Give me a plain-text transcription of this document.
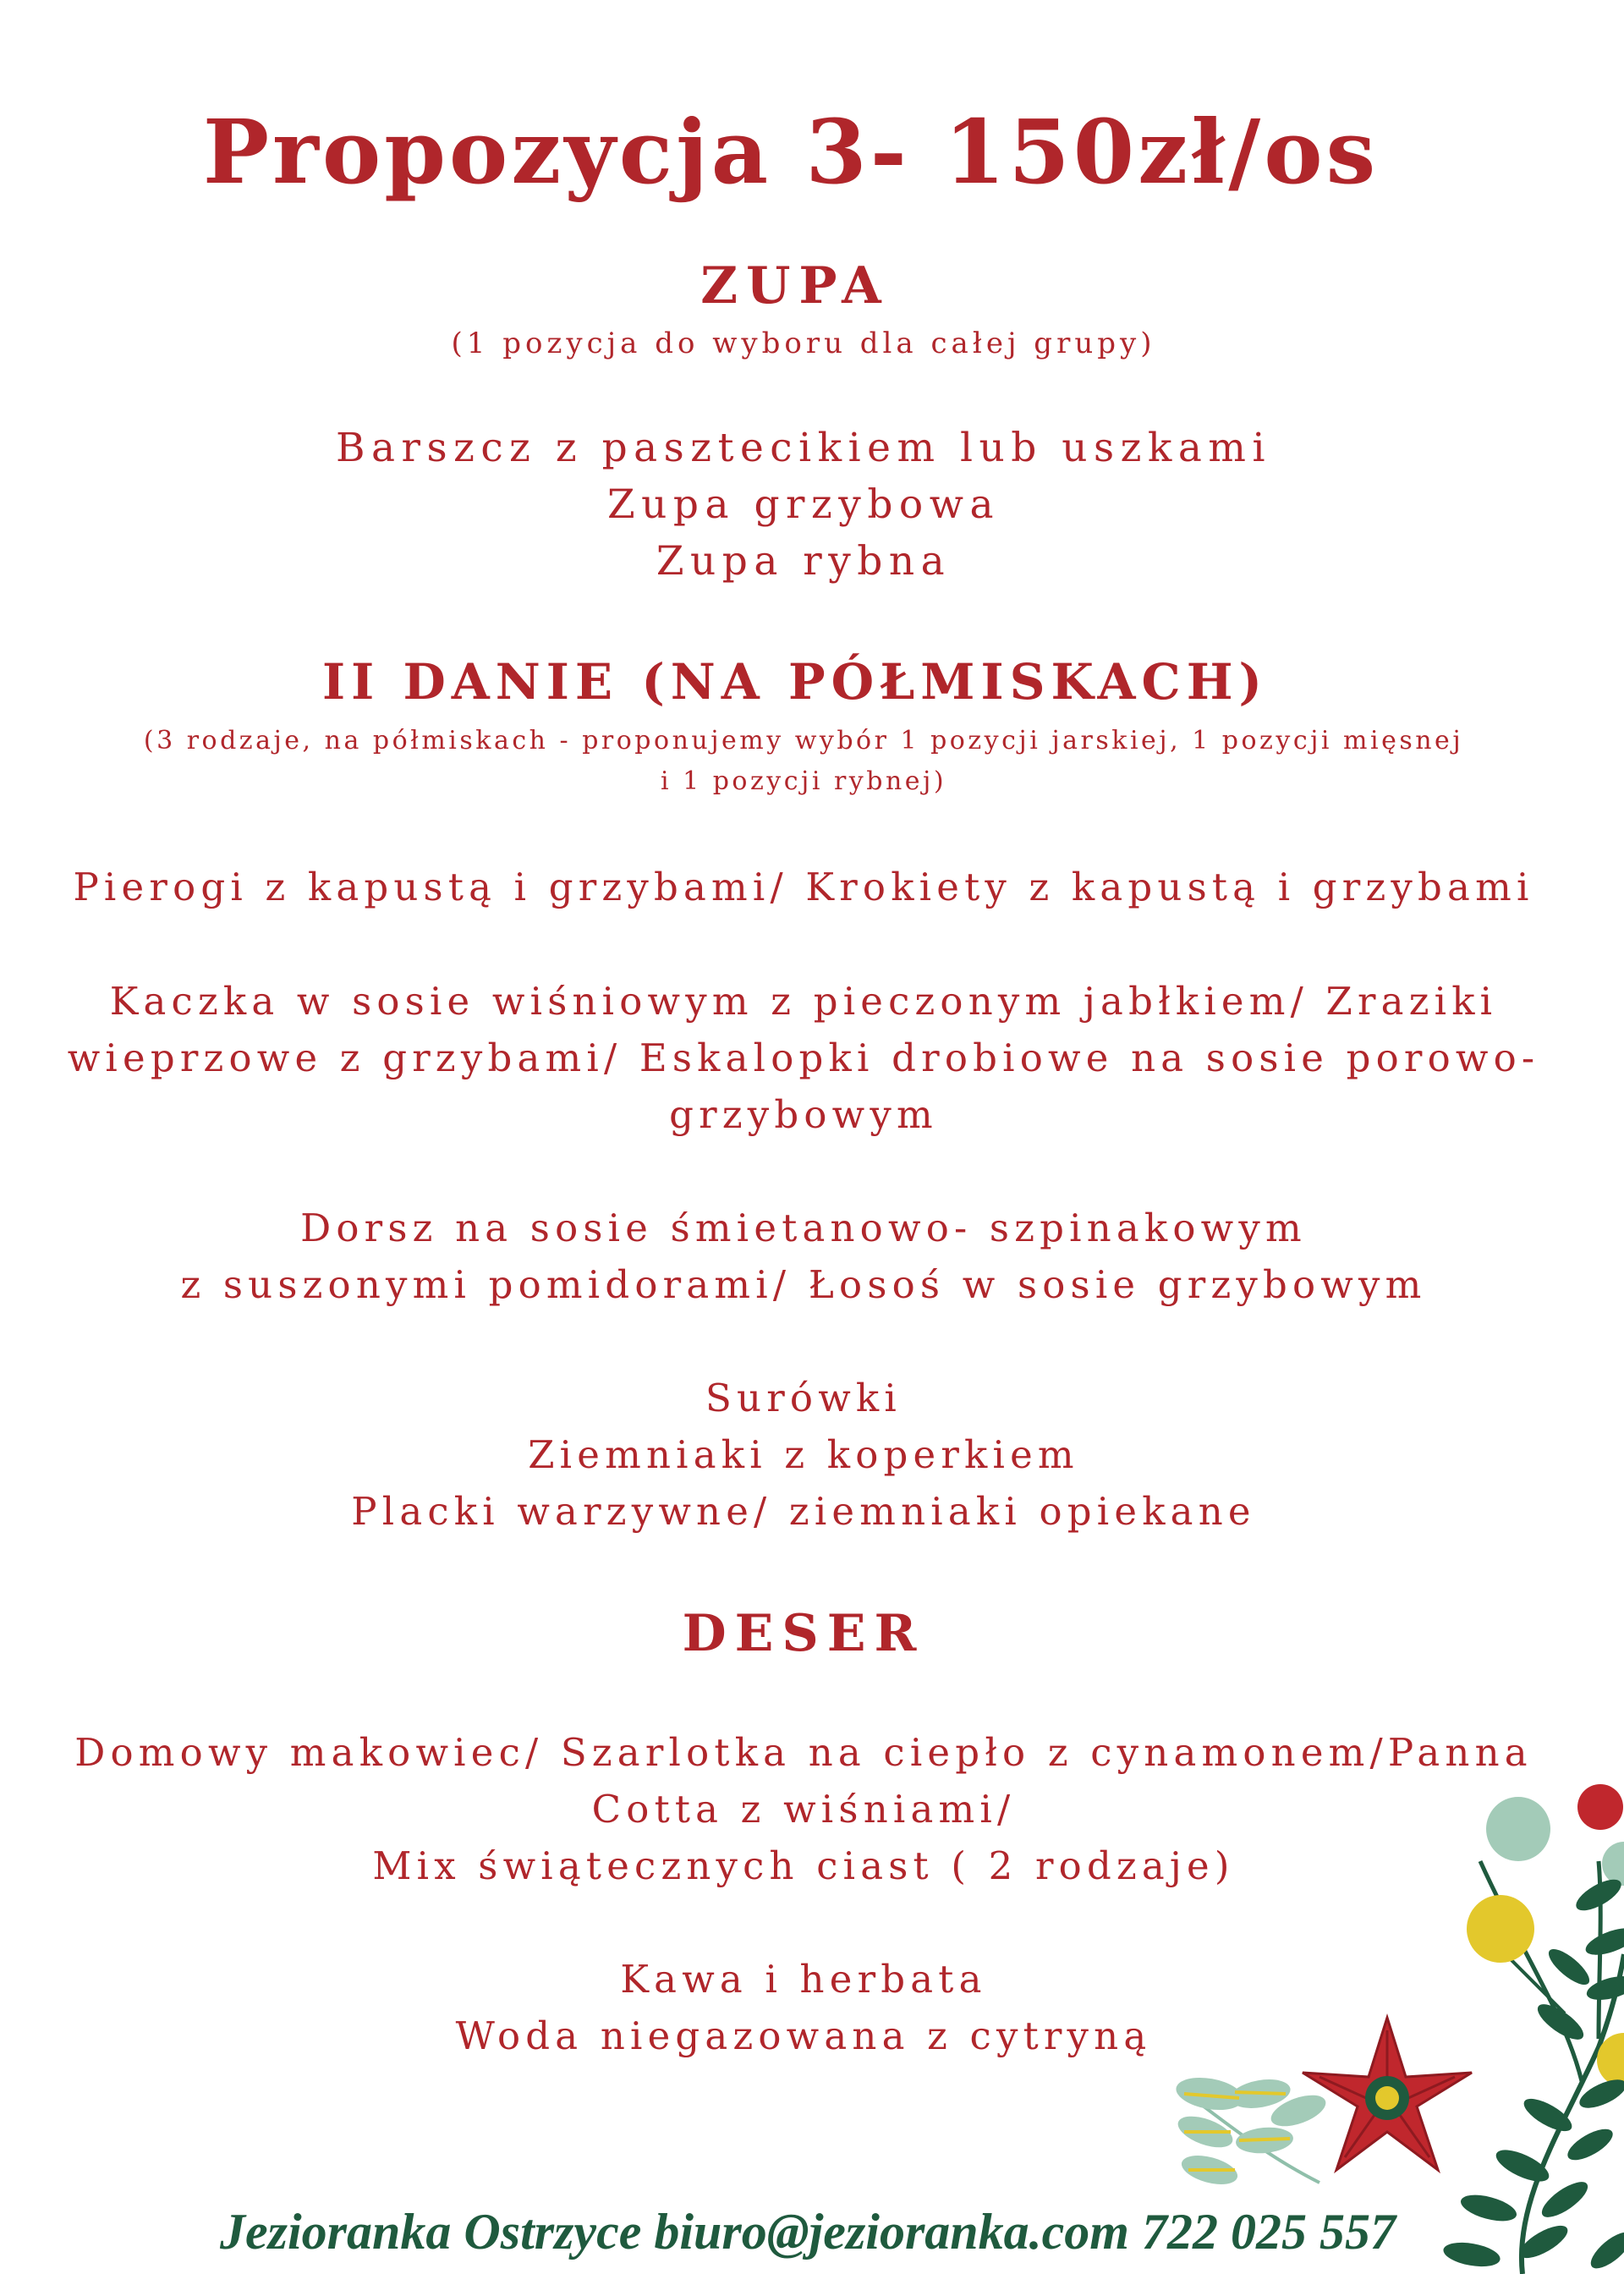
Propozycja 3- 150zł/os
ZUPA
(1 pozycja do wyboru dla całej grupy)
Barszcz z pasztecikiem lub uszkami
Zupa grzybowa
Zupa rybna
II DANIE (NA PÓŁMISKACH)
(3 rodzaje, na półmiskach - proponujemy wybór 1 pozycji jarskiej, 1 pozycji mięsnej
i 1 pozycji rybnej)
Pierogi z kapustą i grzybami/ Krokiety z kapustą i grzybami
Kaczka w sosie wiśniowym z pieczonym jabłkiem/ Zraziki
wieprzowe z grzybami/ Eskalopki drobiowe na sosie porowo-
grzybowym
Dorsz na sosie śmietanowo- szpinakowym
z suszonymi pomidorami/ Łosoś w sosie grzybowym
Surówki
Ziemniaki z koperkiem
Placki warzywne/ ziemniaki opiekane
DESER
Domowy makowiec/ Szarlotka na ciepło z cynamonem/Panna
Cotta z wiśniami/
Mix świątecznych ciast ( 2 rodzaje)
Kawa i herbata
Woda niegazowana z cytryną
Jezioranka Ostrzyce biuro@jezioranka.com 722 025 557
